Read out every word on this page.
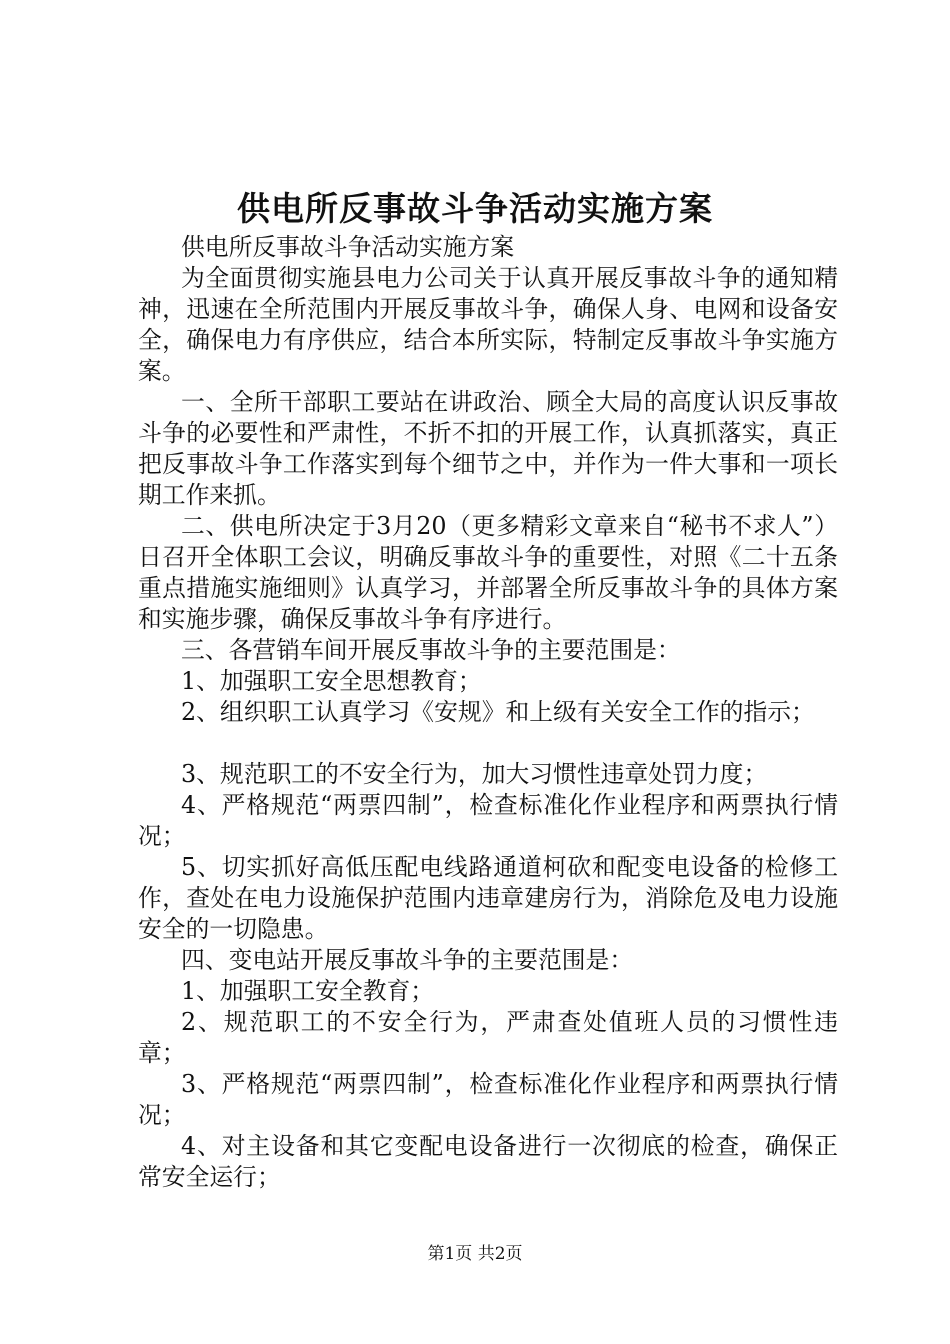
供电所反事故斗争活动实施方案

供电所反事故斗争活动实施方案

为全面贯彻实施县电力公司关于认真开展反事故斗争的通知精神，迅速在全所范围内开展反事故斗争，确保人身、电网和设备安全，确保电力有序供应，结合本所实际，特制定反事故斗争实施方案。

一、全所干部职工要站在讲政治、顾全大局的高度认识反事故斗争的必要性和严肃性，不折不扣的开展工作，认真抓落实，真正把反事故斗争工作落实到每个细节之中，并作为一件大事和一项长期工作来抓。

二、供电所决定于3月20（更多精彩文章来自“秘书不求人”）日召开全体职工会议，明确反事故斗争的重要性，对照《二十五条重点措施实施细则》认真学习，并部署全所反事故斗争的具体方案和实施步骤，确保反事故斗争有序进行。

三、各营销车间开展反事故斗争的主要范围是：

1、加强职工安全思想教育；

2、组织职工认真学习《安规》和上级有关安全工作的指示；

3、规范职工的不安全行为，加大习惯性违章处罚力度；

4、严格规范“两票四制”，检查标准化作业程序和两票执行情况；

5、切实抓好高低压配电线路通道柯砍和配变电设备的检修工作，查处在电力设施保护范围内违章建房行为，消除危及电力设施安全的一切隐患。

四、变电站开展反事故斗争的主要范围是：

1、加强职工安全教育；

2、规范职工的不安全行为，严肃查处值班人员的习惯性违章；

3、严格规范“两票四制”，检查标准化作业程序和两票执行情况；

4、对主设备和其它变配电设备进行一次彻底的检查，确保正常安全运行；

第1页 共2页
